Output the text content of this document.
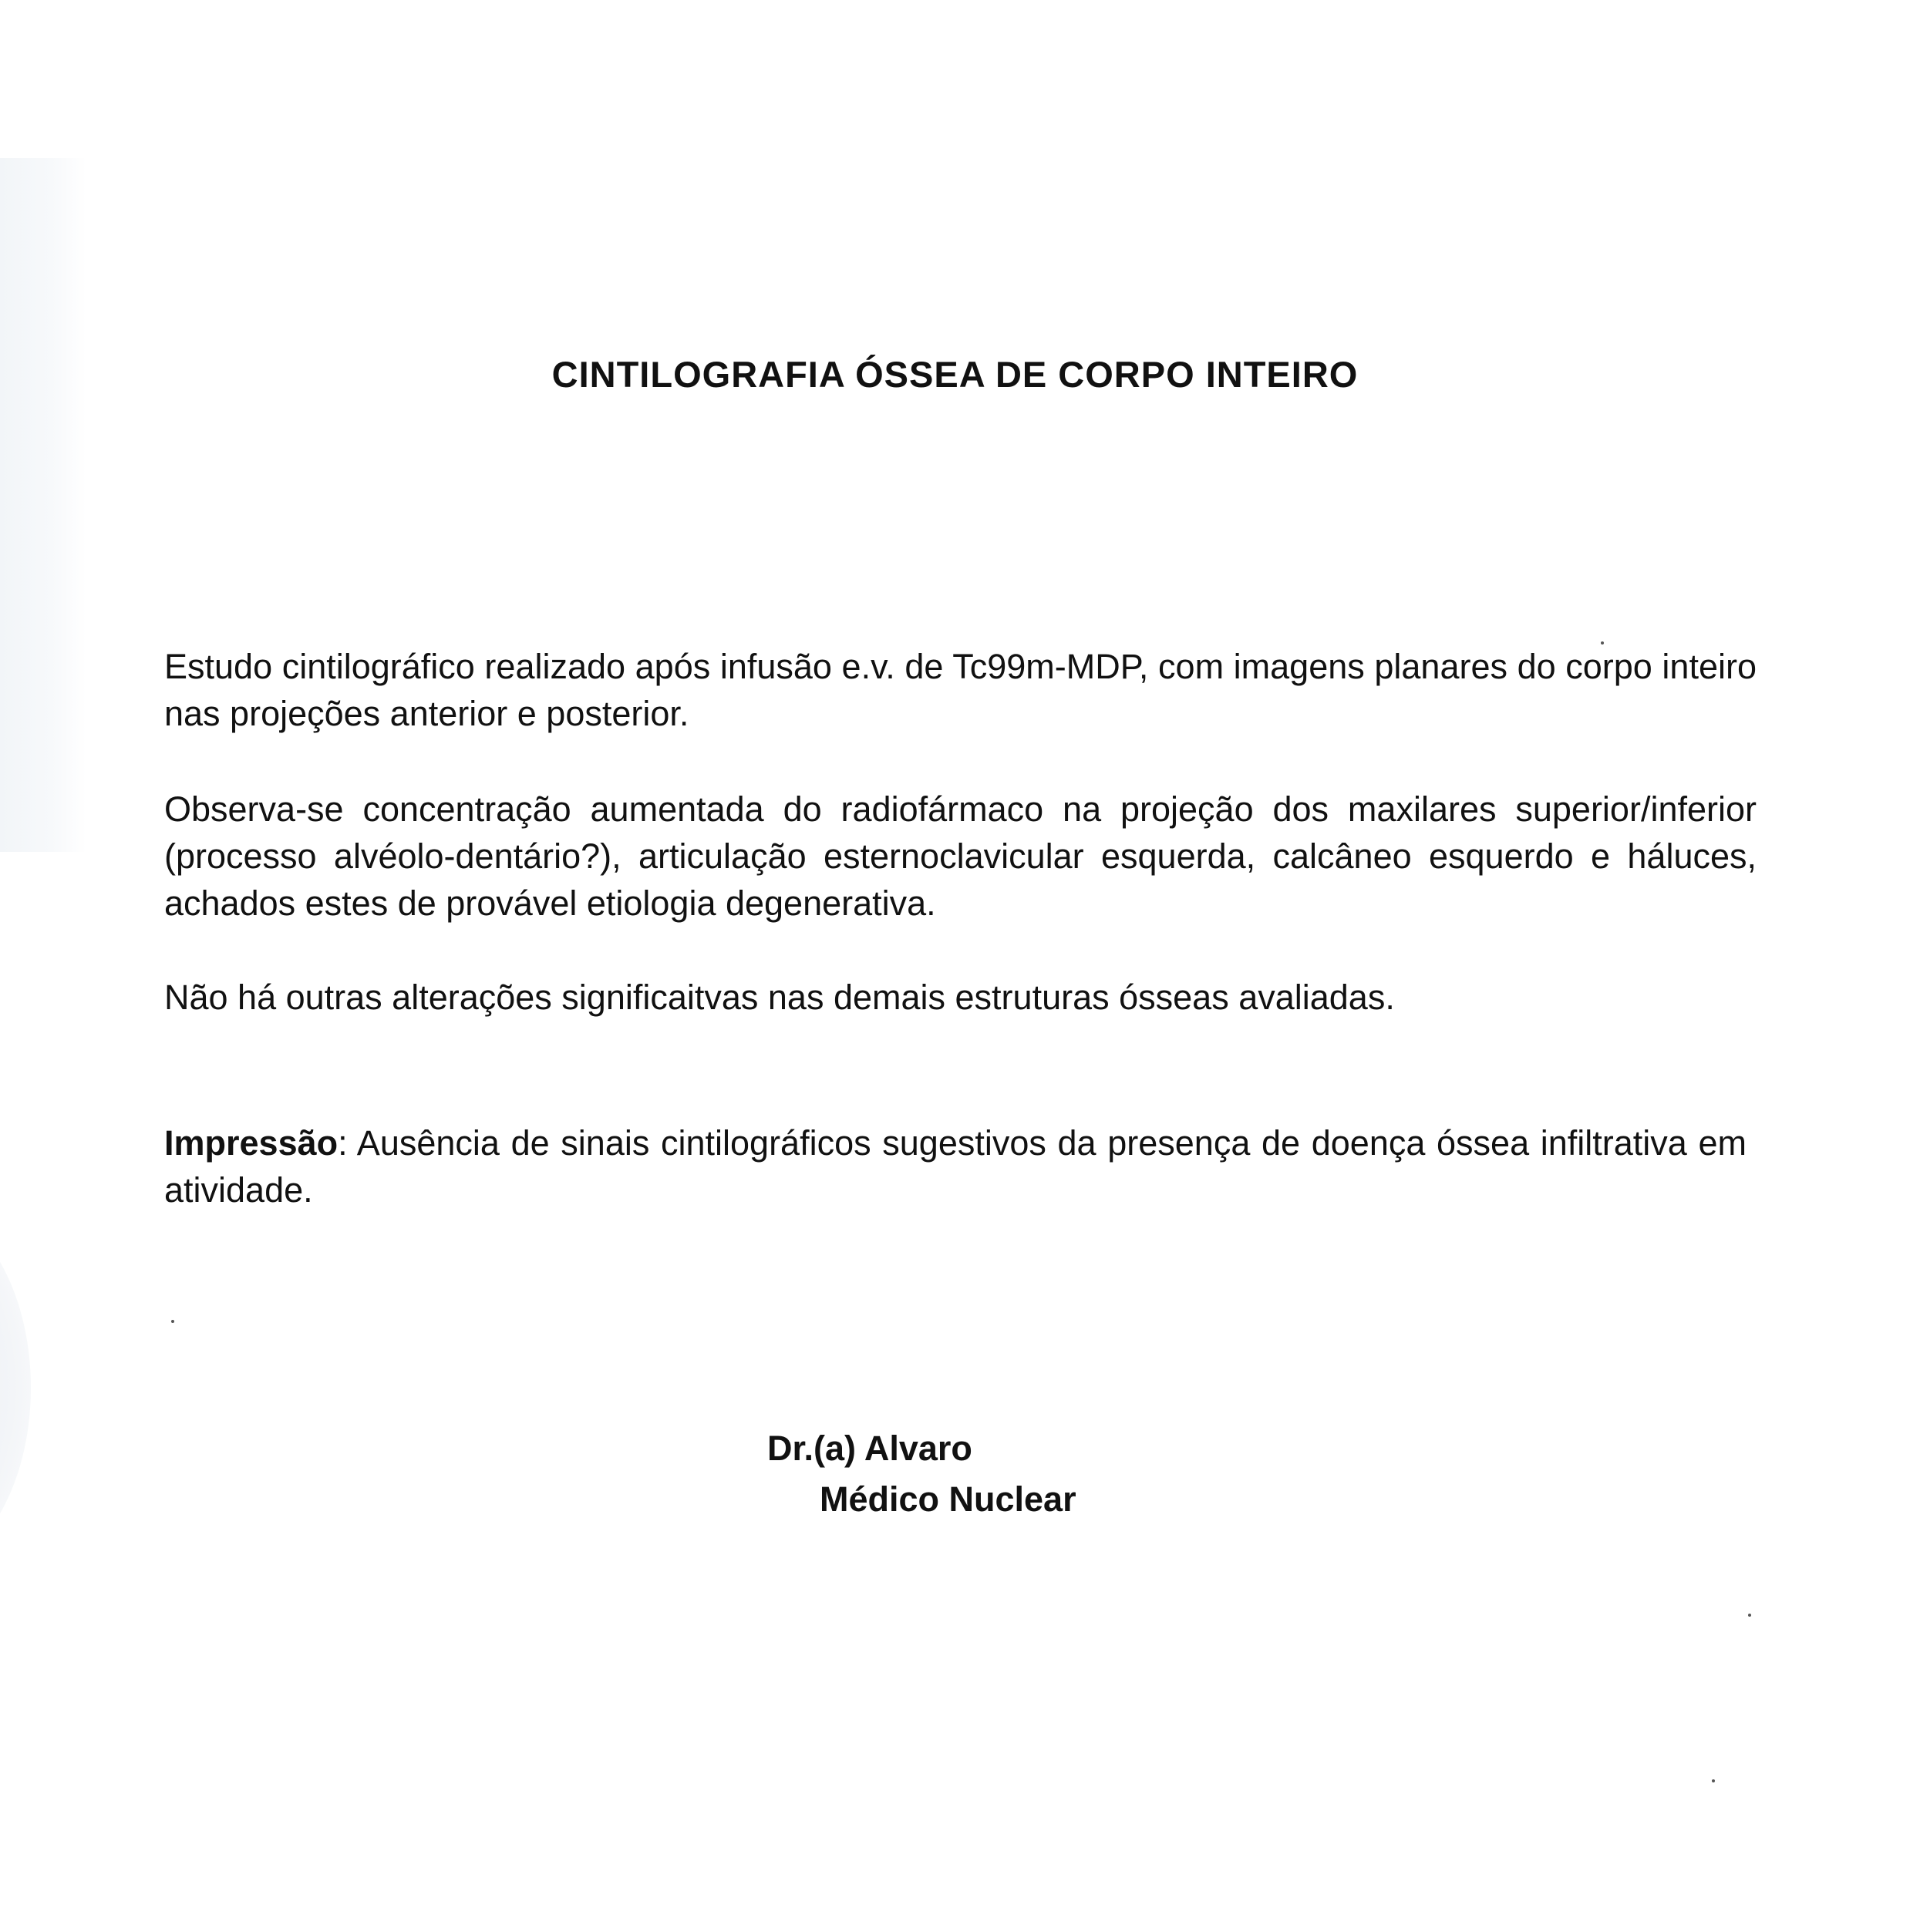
CINTILOGRAFIA ÓSSEA DE CORPO INTEIRO

Estudo cintilográfico realizado após infusão e.v. de Tc99m-MDP, com imagens planares do corpo inteiro nas projeções anterior e posterior.

Observa-se concentração aumentada do radiofármaco na projeção dos maxilares superior/inferior (processo alvéolo-dentário?), articulação esternoclavicular esquerda, calcâneo esquerdo e háluces, achados estes de provável etiologia degenerativa.

Não há outras alterações significaitvas nas demais estruturas ósseas avaliadas.

Impressão: Ausência de sinais cintilográficos sugestivos da presença de doença óssea infiltrativa em atividade.

Dr.(a) Alvaro
Médico Nuclear
